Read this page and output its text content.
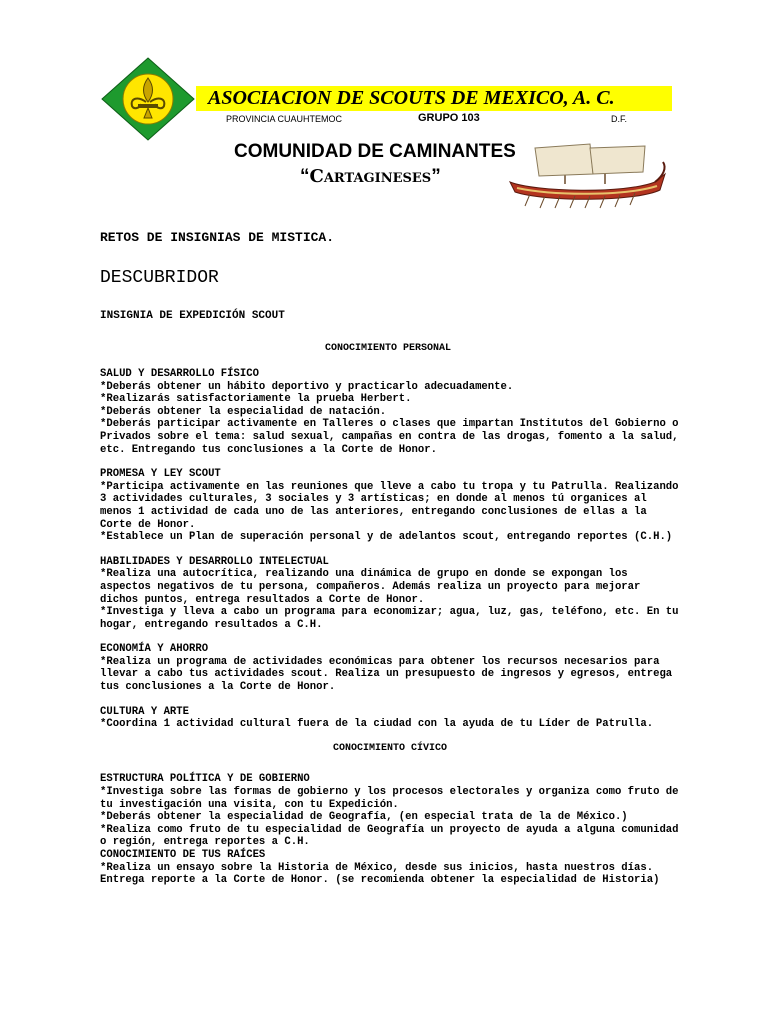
ASOCIACION DE SCOUTS DE MEXICO, A. C.
PROVINCIA CUAUHTEMOC	GRUPO 103	D.F.
COMUNIDAD DE CAMINANTES
“Cartagineses”
RETOS DE INSIGNIAS DE MISTICA.
DESCUBRIDOR
INSIGNIA DE EXPEDICIÓN SCOUT
CONOCIMIENTO PERSONAL
SALUD Y DESARROLLO FÍSICO
*Deberás obtener un hábito deportivo y practicarlo adecuadamente.
*Realizarás satisfactoriamente la prueba Herbert.
*Deberás obtener la especialidad de natación.
*Deberás participar activamente en Talleres o clases que impartan Institutos del Gobierno o Privados sobre el tema: salud sexual, campañas en contra de las drogas, fomento a la salud, etc. Entregando tus conclusiones a la Corte de Honor.
PROMESA Y LEY SCOUT
*Participa activamente en las reuniones que lleve a cabo tu tropa y tu Patrulla. Realizando 3 actividades culturales, 3 sociales y 3 artísticas; en donde al menos tú organices al menos 1 actividad de cada uno de las anteriores, entregando conclusiones de ellas a la Corte de Honor.
*Establece un Plan de superación personal y de adelantos scout, entregando reportes (C.H.)
HABILIDADES Y DESARROLLO INTELECTUAL
*Realiza una autocrítica, realizando una dinámica de grupo en donde se expongan los aspectos negativos de tu persona, compañeros. Además realiza un proyecto para mejorar dichos puntos, entrega resultados a Corte de Honor.
*Investiga y lleva a cabo un programa para economizar; agua, luz, gas, teléfono, etc. En tu hogar, entregando resultados a C.H.
ECONOMÍA Y AHORRO
*Realiza un programa de actividades económicas para obtener los recursos necesarios para llevar a cabo tus actividades scout. Realiza un presupuesto de ingresos y egresos, entrega tus conclusiones a la Corte de Honor.
CULTURA Y ARTE
*Coordina 1 actividad cultural fuera de la ciudad con la ayuda de tu Líder de Patrulla.
CONOCIMIENTO CÍVICO
ESTRUCTURA POLÍTICA Y DE GOBIERNO
*Investiga sobre las formas de gobierno y los procesos electorales y organiza como fruto de tu investigación una visita, con tu Expedición.
*Deberás obtener la especialidad de Geografía, (en especial trata de la de México.)
*Realiza como fruto de tu especialidad de Geografía un proyecto de ayuda a alguna comunidad o región, entrega reportes a C.H.
CONOCIMIENTO DE TUS RAÍCES
*Realiza un ensayo sobre la Historia de México, desde sus inicios, hasta nuestros días. Entrega reporte a la Corte de Honor. (se recomienda obtener la especialidad de Historia)
